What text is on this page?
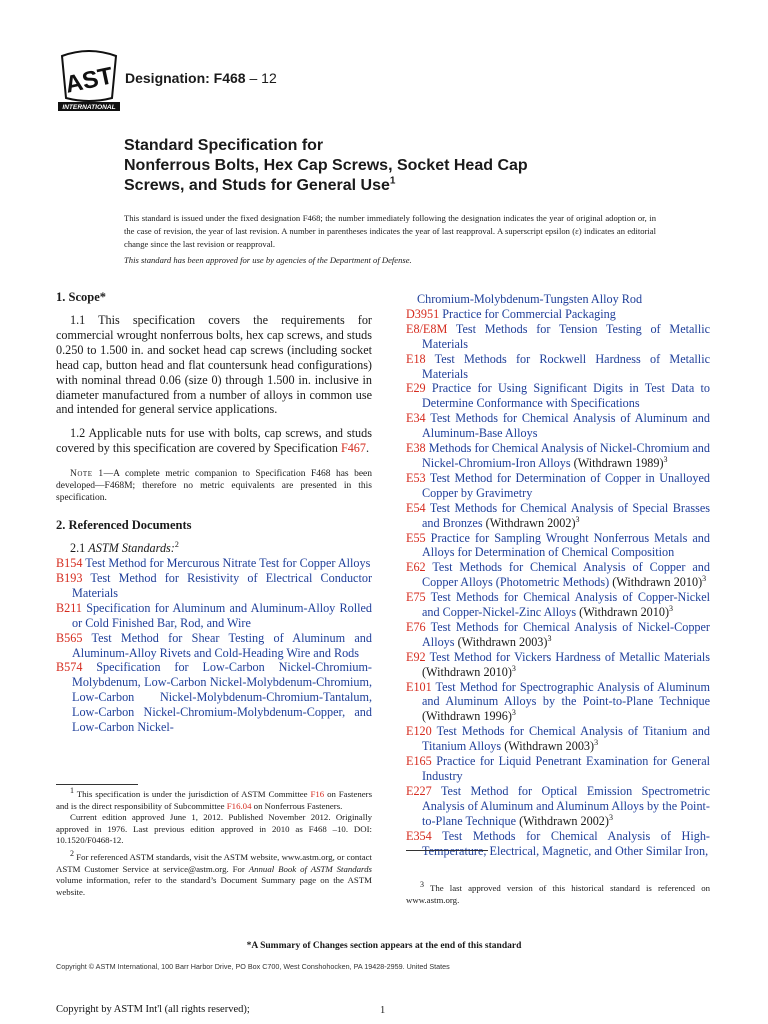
AST
INTERNATIONAL
Designation: F468 – 12
Standard Specification for
Nonferrous Bolts, Hex Cap Screws, Socket Head Cap
Screws, and Studs for General Use$^1$
This standard is issued under the fixed designation F468; the number immediately following the designation indicates the year of original adoption or, in the case of revision, the year of last revision. A number in parentheses indicates the year of last reapproval. A superscript epsilon (ε) indicates an editorial change since the last revision or reapproval.
This standard has been approved for use by agencies of the Department of Defense.
1. Scope*

1.1 This specification covers the requirements for commercial wrought nonferrous bolts, hex cap screws, and studs 0.250 to 1.500 in. and socket head cap screws (including socket head cap, button head and flat countersunk head configurations) with nominal thread 0.06 (size 0) through 1.500 in. inclusive in diameter manufactured from a number of alloys in common use and intended for general service applications.

1.2 Applicable nuts for use with bolts, cap screws, and studs covered by this specification are covered by Specification F467.

Note 1—A complete metric companion to Specification F468 has been developed—F468M; therefore no metric equivalents are presented in this specification.

2. Referenced Documents

2.1 ASTM Standards:$^2$

B154 Test Method for Mercurous Nitrate Test for Copper Alloys

B193 Test Method for Resistivity of Electrical Conductor Materials

B211 Specification for Aluminum and Aluminum-Alloy Rolled or Cold Finished Bar, Rod, and Wire

B565 Test Method for Shear Testing of Aluminum and Aluminum-Alloy Rivets and Cold-Heading Wire and Rods

B574 Specification for Low-Carbon Nickel-Chromium-Molybdenum, Low-Carbon Nickel-Molybdenum-Chromium, Low-Carbon Nickel-Molybdenum-Chromium-Tantalum, Low-Carbon Nickel-Chromium-Molybdenum-Copper, and Low-Carbon Nickel-

$^1$ This specification is under the jurisdiction of ASTM Committee F16 on Fasteners and is the direct responsibility of Subcommittee F16.04 on Nonferrous Fasteners.

Current edition approved June 1, 2012. Published November 2012. Originally approved in 1976. Last previous edition approved in 2010 as F468 –10. DOI: 10.1520/F0468-12.

$^2$ For referenced ASTM standards, visit the ASTM website, www.astm.org, or contact ASTM Customer Service at service@astm.org. For Annual Book of ASTM Standards volume information, refer to the standard’s Document Summary page on the ASTM website.

Chromium-Molybdenum-Tungsten Alloy Rod

D3951 Practice for Commercial Packaging

E8/E8M Test Methods for Tension Testing of Metallic Materials

E18 Test Methods for Rockwell Hardness of Metallic Materials

E29 Practice for Using Significant Digits in Test Data to Determine Conformance with Specifications

E34 Test Methods for Chemical Analysis of Aluminum and Aluminum-Base Alloys

E38 Methods for Chemical Analysis of Nickel-Chromium and Nickel-Chromium-Iron Alloys (Withdrawn 1989)$^3$

E53 Test Method for Determination of Copper in Unalloyed Copper by Gravimetry

E54 Test Methods for Chemical Analysis of Special Brasses and Bronzes (Withdrawn 2002)$^3$

E55 Practice for Sampling Wrought Nonferrous Metals and Alloys for Determination of Chemical Composition

E62 Test Methods for Chemical Analysis of Copper and Copper Alloys (Photometric Methods) (Withdrawn 2010)$^3$

E75 Test Methods for Chemical Analysis of Copper-Nickel and Copper-Nickel-Zinc Alloys (Withdrawn 2010)$^3$

E76 Test Methods for Chemical Analysis of Nickel-Copper Alloys (Withdrawn 2003)$^3$

E92 Test Method for Vickers Hardness of Metallic Materials (Withdrawn 2010)$^3$

E101 Test Method for Spectrographic Analysis of Aluminum and Aluminum Alloys by the Point-to-Plane Technique (Withdrawn 1996)$^3$

E120 Test Methods for Chemical Analysis of Titanium and Titanium Alloys (Withdrawn 2003)$^3$

E165 Practice for Liquid Penetrant Examination for General Industry

E227 Test Method for Optical Emission Spectrometric Analysis of Aluminum and Aluminum Alloys by the Point-to-Plane Technique (Withdrawn 2002)$^3$

E354 Test Methods for Chemical Analysis of High-Temperature, Electrical, Magnetic, and Other Similar Iron,

$^3$ The last approved version of this historical standard is referenced on www.astm.org.

*A Summary of Changes section appears at the end of this standard
Copyright © ASTM International, 100 Barr Harbor Drive, PO Box C700, West Conshohocken, PA 19428-2959. United States
Copyright by ASTM Int'l (all rights reserved);	1
